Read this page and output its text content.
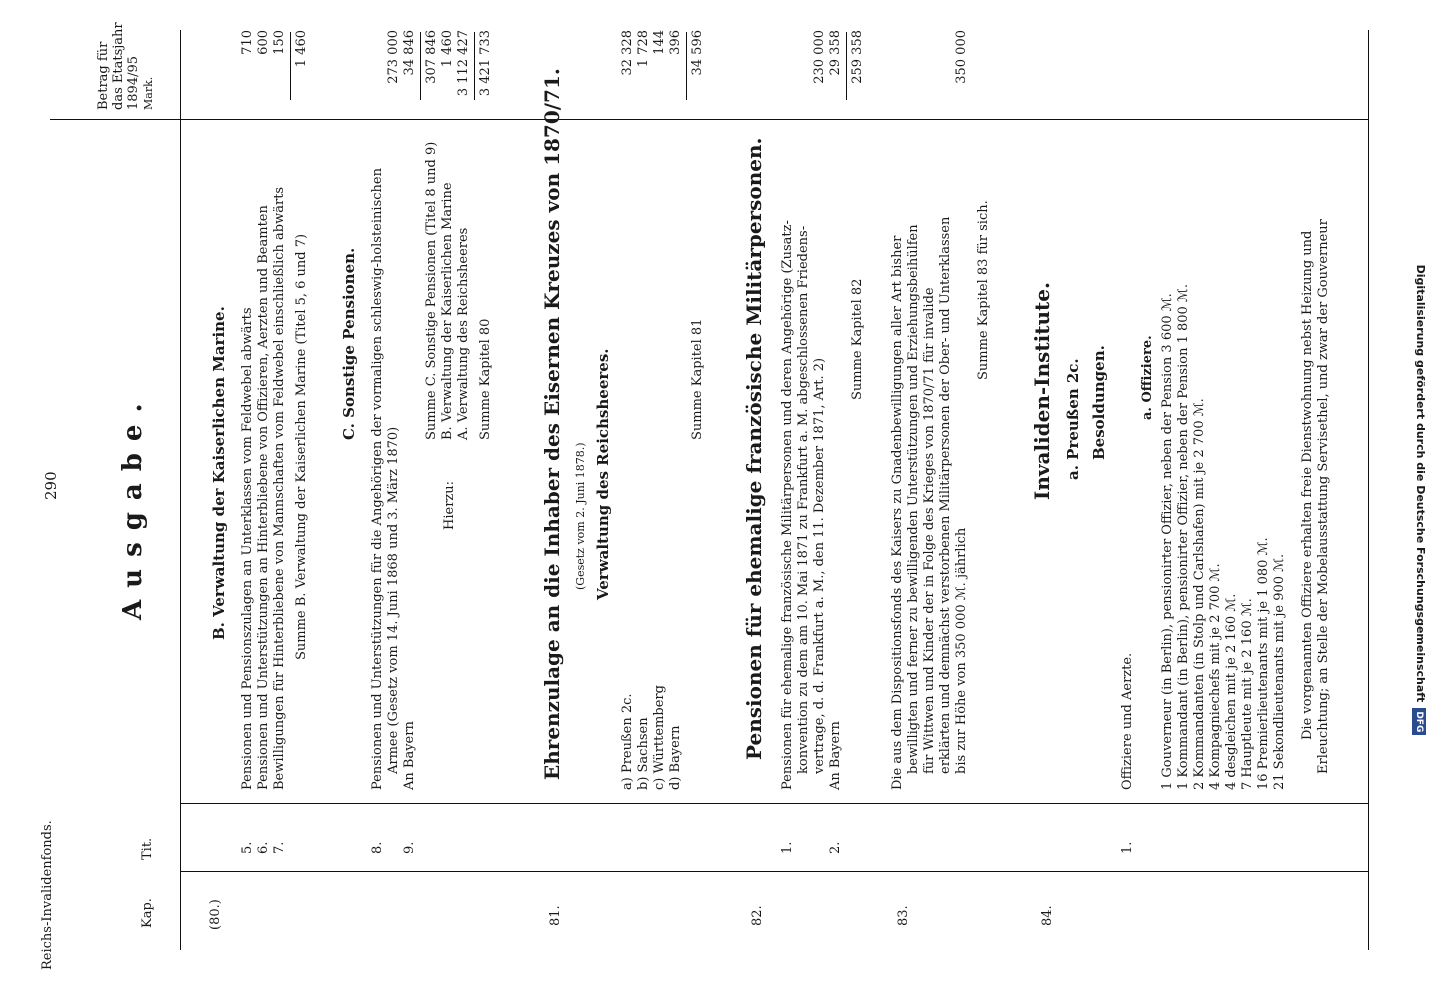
Reichs-Invalidenfonds.
290
Kap.
Tit.
Betrag für das Etatsjahr 1894/95 Mark.
Ausgabe.
(80.)
B. Verwaltung der Kaiserlichen Marine.
5.
Pensionen und Pensionszulagen an Unterklassen vom Feldwebel abwärts
710
6.
Pensionen und Unterstützungen an Hinterbliebene von Offizieren, Aerzten und Beamten
600
7.
Bewilligungen für Hinterbliebene von Mannschaften vom Feldwebel einschließlich abwärts
150
Summe B. Verwaltung der Kaiserlichen Marine (Titel 5, 6 und 7)
1 460
C. Sonstige Pensionen.
8.
Pensionen und Unterstützungen für die Angehörigen der vormaligen schleswig-holsteinischen Armee (Gesetz vom 14. Juni 1868 und 3. März 1870)
273 000
9.
An Bayern
34 846
Summe C. Sonstige Pensionen (Titel 8 und 9)
307 846
Hierzu:
B. Verwaltung der Kaiserlichen Marine
1 460
A. Verwaltung des Reichsheeres
3 112 427
Summe Kapitel 80
3 421 733
81.
Ehrenzulage an die Inhaber des Eisernen Kreuzes von 1870/71. (Gesetz vom 2. Juni 1878.) Verwaltung des Reichsheeres.
a) Preußen 2c.
32 328
b) Sachsen
1 728
c) Württemberg
144
d) Bayern
396
Summe Kapitel 81
34 596
82.
Pensionen für ehemalige französische Militärpersonen.
1.
Pensionen für ehemalige französische Militärpersonen und deren Angehörige (Zusatz- konvention zu dem am 10. Mai 1871 zu Frankfurt a. M. abgeschlossenen Friedens- vertrage, d. d. Frankfurt a. M., den 11. Dezember 1871, Art. 2)
230 000
2.
An Bayern
29 358
Summe Kapitel 82
259 358
83.
Die aus dem Dispositionsfonds des Kaisers zu Gnadenbewilligungen aller Art bisher bewilligten und ferner zu bewilligenden Unterstützungen und Erziehungsbeihülfen für Wittwen und Kinder der in Folge des Krieges von 1870/71 für invalide erklärten und demnächst verstorbenen Militärpersonen der Ober- und Unterklassen bis zur Höhe von 350 000 ℳ. jährlich
350 000
Summe Kapitel 83 für sich.
84.
Invaliden-Institute. a. Preußen 2c. Besoldungen.
1.
Offiziere und Aerzte.
a. Offiziere. 1 Gouverneur (in Berlin), pensionirter Offizier, neben der Pension 3 600 ℳ. 1 Kommandant (in Berlin), pensionirter Offizier, neben der Pension 1 800 ℳ. 2 Kommandanten (in Stolp und Carlshafen) mit je 2 700 ℳ. 4 Kompagniechefs mit je 2 700 ℳ. 4 desgleichen mit je 2 160 ℳ. 7 Hauptleute mit je 2 160 ℳ. 16 Premierlieutenants mit je 1 080 ℳ. 21 Sekondlieutenants mit je 900 ℳ. Die vorgenannten Offiziere erhalten freie Dienstwohnung nebst Heizung und Erleuchtung; an Stelle der Mobelausstattung Servisethel, und zwar der Gouverneur	Digitalisierung gefördert durch die Deutsche ForschungsgemeinschaftDFG
